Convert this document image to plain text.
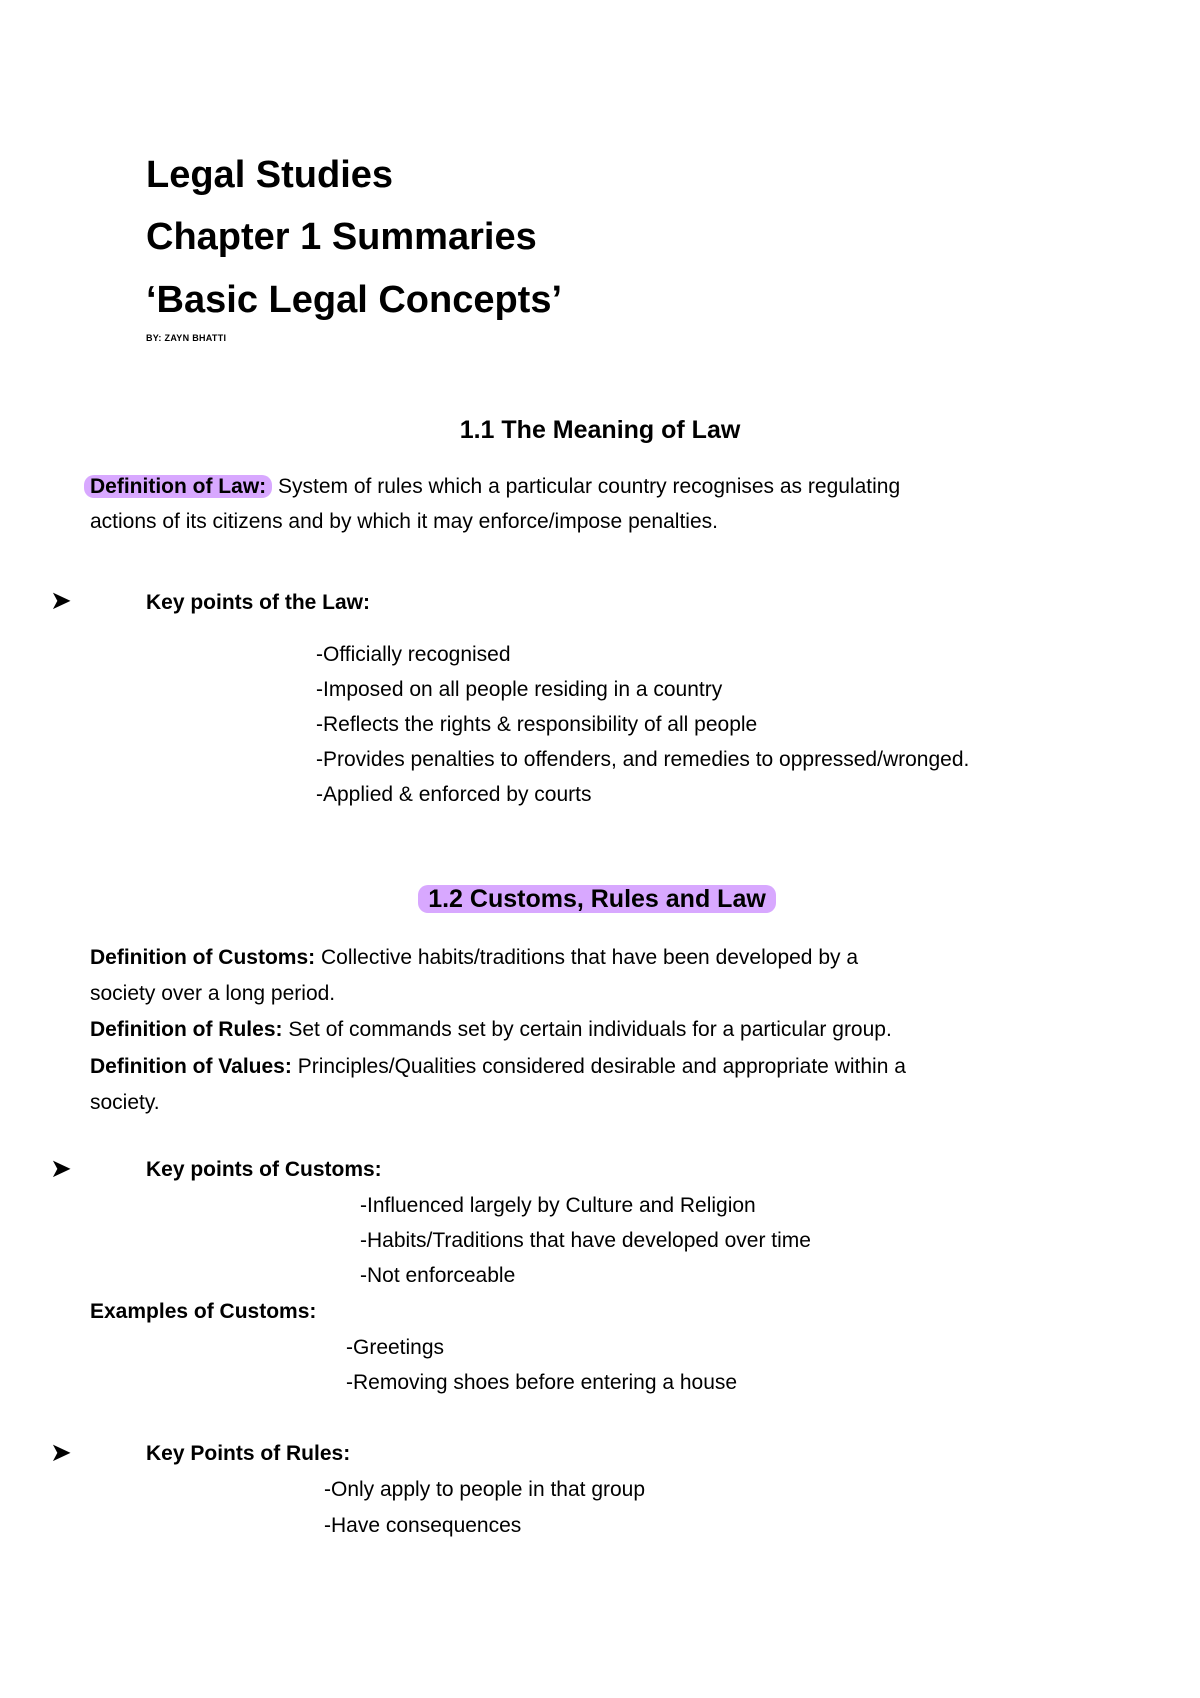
Legal Studies
Chapter 1 Summaries
‘Basic Legal Concepts’
BY: ZAYN BHATTI
1.1 The Meaning of Law
Definition of Law: System of rules which a particular country recognises as regulating
actions of its citizens and by which it may enforce/impose penalties.
➤	Key points of the Law:
-Officially recognised
-Imposed on all people residing in a country
-Reflects the rights & responsibility of all people
-Provides penalties to offenders, and remedies to oppressed/wronged.
-Applied & enforced by courts
1.2 Customs, Rules and Law
Definition of Customs: Collective habits/traditions that have been developed by a
society over a long period.
Definition of Rules: Set of commands set by certain individuals for a particular group.
Definition of Values: Principles/Qualities considered desirable and appropriate within a
society.
➤	Key points of Customs:
-Influenced largely by Culture and Religion
-Habits/Traditions that have developed over time
-Not enforceable
Examples of Customs:
-Greetings
-Removing shoes before entering a house
➤	Key Points of Rules:
-Only apply to people in that group
-Have consequences
